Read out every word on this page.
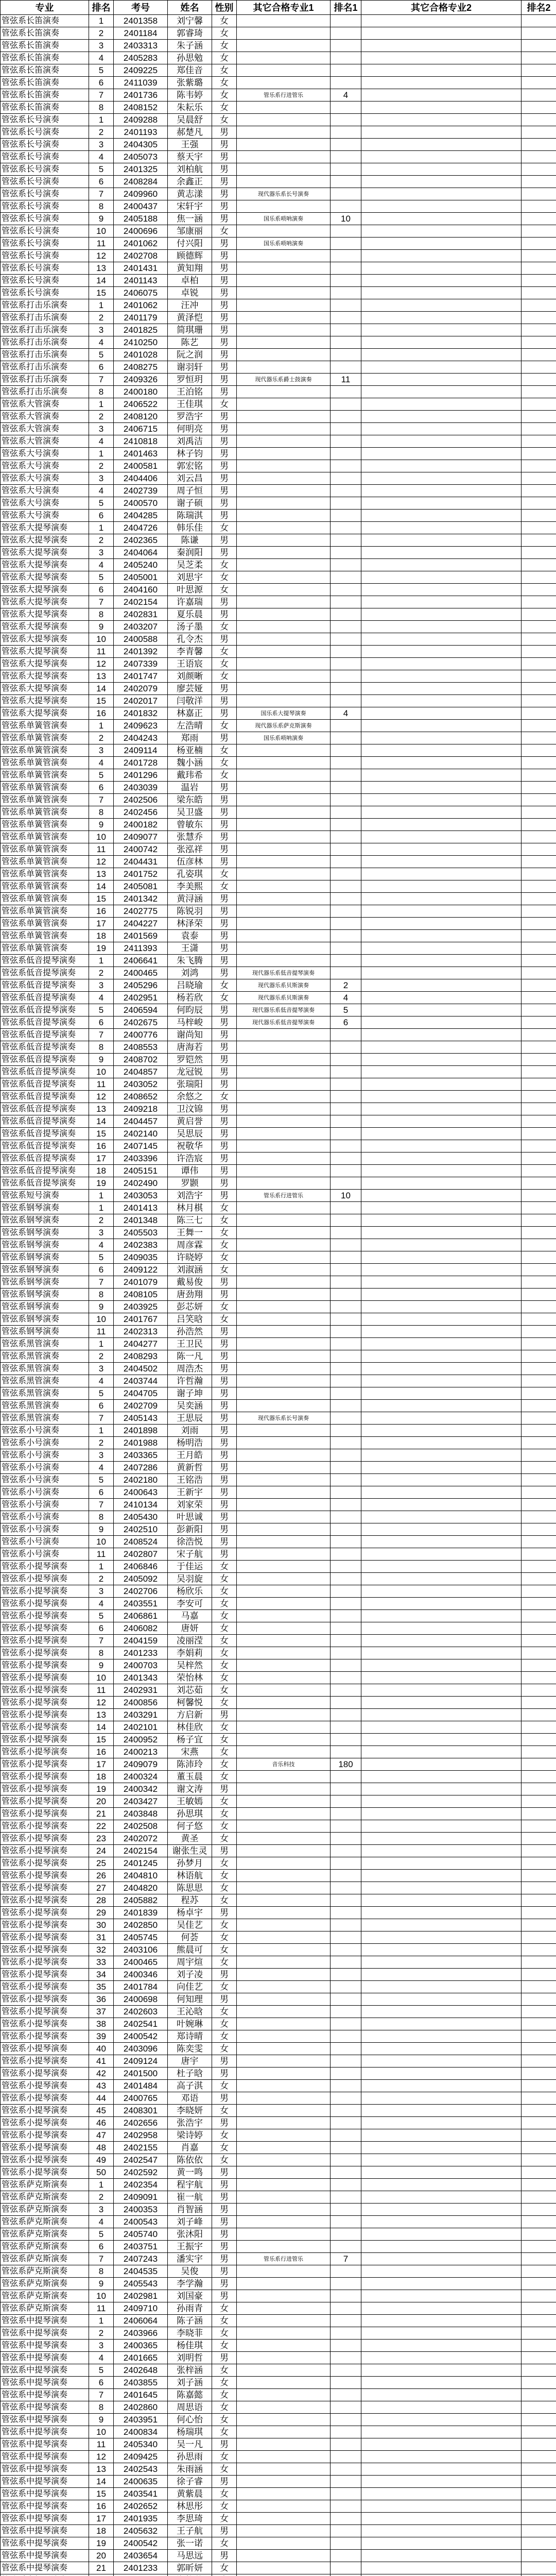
专业	排名	考号	姓名	性别	其它合格专业1	排名1	其它合格专业2	排名2
管弦系长笛演奏	1	2401358	刘宁馨	女				
管弦系长笛演奏	2	2401184	郭睿琦	女				
管弦系长笛演奏	3	2403313	朱子涵	女				
管弦系长笛演奏	4	2405283	孙思勉	女				
管弦系长笛演奏	5	2409225	郑佳音	女				
管弦系长笛演奏	6	2411039	张紫璐	女				
管弦系长笛演奏	7	2401736	陈韦婷	女	管乐系行进管乐	4		
管弦系长笛演奏	8	2408152	朱耘乐	女				
管弦系长号演奏	1	2409288	吴晨舒	女				
管弦系长号演奏	2	2401193	郝楚凡	男				
管弦系长号演奏	3	2404305	王强	男				
管弦系长号演奏	4	2405073	蔡天宇	男				
管弦系长号演奏	5	2401325	刘柏航	男				
管弦系长号演奏	6	2408284	余鑫正	男				
管弦系长号演奏	7	2409960	黄志漾	男	现代器乐系长号演奏			
管弦系长号演奏	8	2400437	宋轩宇	男				
管弦系长号演奏	9	2405188	焦一涵	男	国乐系唢呐演奏	10		
管弦系长号演奏	10	2400696	邹康丽	女				
管弦系长号演奏	11	2401062	付兴阳	男	国乐系唢呐演奏			
管弦系长号演奏	12	2402708	顾德辉	男				
管弦系长号演奏	13	2401431	黄知翔	男				
管弦系长号演奏	14	2401143	卓柏	男				
管弦系长号演奏	15	2406075	卓锐	男				
管弦系打击乐演奏	1	2401062	汪冲	男				
管弦系打击乐演奏	2	2401179	黄泽恺	男				
管弦系打击乐演奏	3	2401825	简琪珊	男				
管弦系打击乐演奏	4	2410250	陈艺	男				
管弦系打击乐演奏	5	2401028	阮之润	男				
管弦系打击乐演奏	6	2408275	谢羽轩	男				
管弦系打击乐演奏	7	2409326	罗恒玥	男	现代器乐系爵士鼓演奏	11		
管弦系打击乐演奏	8	2400180	王泊铭	男				
管弦系大管演奏	1	2406522	王佳琪	女				
管弦系大管演奏	2	2408120	罗浩宇	男				
管弦系大管演奏	3	2406715	何明亮	男				
管弦系大管演奏	4	2410818	刘禹洁	男				
管弦系大号演奏	1	2401463	林子钧	男				
管弦系大号演奏	2	2400581	郭宏铭	男				
管弦系大号演奏	3	2404406	刘云昌	男				
管弦系大号演奏	4	2402739	周子恒	男				
管弦系大号演奏	5	2400570	谢子硕	男				
管弦系大号演奏	6	2404285	陈瑞淇	男				
管弦系大提琴演奏	1	2404726	韩乐佳	女				
管弦系大提琴演奏	2	2402365	陈谦	男				
管弦系大提琴演奏	3	2404064	秦润阳	男				
管弦系大提琴演奏	4	2405240	吴芝柔	女				
管弦系大提琴演奏	5	2405001	刘思宇	女				
管弦系大提琴演奏	6	2404160	叶思源	女				
管弦系大提琴演奏	7	2402154	许嘉瑞	男				
管弦系大提琴演奏	8	2402831	夏乐晨	男				
管弦系大提琴演奏	9	2403207	汤子墨	女				
管弦系大提琴演奏	10	2400588	孔令杰	男				
管弦系大提琴演奏	11	2401392	李青馨	女				
管弦系大提琴演奏	12	2407339	王语宸	女				
管弦系大提琴演奏	13	2401747	刘颜晰	女				
管弦系大提琴演奏	14	2402079	廖芸娅	男				
管弦系大提琴演奏	15	2402017	闫敬洋	男				
管弦系大提琴演奏	16	2401832	林嘉正	男	国乐系大提琴演奏	4		
管弦系单簧管演奏	1	2409623	左浩晴	女	现代器乐系萨克斯演奏			
管弦系单簧管演奏	2	2404243	郑雨	男	国乐系唢呐演奏			
管弦系单簧管演奏	3	2409114	杨亚楠	女				
管弦系单簧管演奏	4	2401728	魏小涵	女				
管弦系单簧管演奏	5	2401296	戴玮希	女				
管弦系单簧管演奏	6	2403039	温岩	男				
管弦系单簧管演奏	7	2402506	梁东皓	男				
管弦系单簧管演奏	8	2402456	吴卫盛	男				
管弦系单簧管演奏	9	2400182	曾敏东	男				
管弦系单簧管演奏	10	2409077	张慧乔	男				
管弦系单簧管演奏	11	2400742	张泓祥	男				
管弦系单簧管演奏	12	2404431	伍彦林	男				
管弦系单簧管演奏	13	2401752	孔姿琪	女				
管弦系单簧管演奏	14	2405081	李美熙	女				
管弦系单簧管演奏	15	2401342	黄浔涵	男				
管弦系单簧管演奏	16	2402775	陈锐羽	男				
管弦系单簧管演奏	17	2404227	林泽荣	男				
管弦系单簧管演奏	18	2401569	袁泰	男				
管弦系单簧管演奏	19	2411393	王潇	男				
管弦系低音提琴演奏	1	2406641	朱飞腾	男				
管弦系低音提琴演奏	2	2400465	刘鸿	男	现代器乐系低音提琴演奏			
管弦系低音提琴演奏	3	2405296	吕晓瑜	女	现代器乐系贝斯演奏	2		
管弦系低音提琴演奏	4	2402951	杨若欣	女	现代器乐系贝斯演奏	4		
管弦系低音提琴演奏	5	2406594	何昀辰	男	现代器乐系低音提琴演奏	5		
管弦系低音提琴演奏	6	2402675	马梓峻	男	现代器乐系低音提琴演奏	6		
管弦系低音提琴演奏	7	2400776	谢尚知	男				
管弦系低音提琴演奏	8	2408553	唐海若	男				
管弦系低音提琴演奏	9	2408702	罗铠然	男				
管弦系低音提琴演奏	10	2404857	龙冠锐	男				
管弦系低音提琴演奏	11	2403052	张瑞阳	男				
管弦系低音提琴演奏	12	2408652	余悠之	女				
管弦系低音提琴演奏	13	2409218	卫汶锦	男				
管弦系低音提琴演奏	14	2404457	黄启誉	男				
管弦系低音提琴演奏	15	2402140	吴思辰	男				
管弦系低音提琴演奏	16	2407145	祝敬华	男				
管弦系低音提琴演奏	17	2403396	许浩宸	男				
管弦系低音提琴演奏	18	2405151	谭伟	男				
管弦系低音提琴演奏	19	2402490	罗颢	男				
管弦系短号演奏	1	2403053	刘浩宇	男	管乐系行进管乐	10		
管弦系钢琴演奏	1	2401413	林月棋	女				
管弦系钢琴演奏	2	2401348	陈三七	女				
管弦系钢琴演奏	3	2405503	王舞一	女				
管弦系钢琴演奏	4	2402383	周彦霖	女				
管弦系钢琴演奏	5	2409035	许晓婷	女				
管弦系钢琴演奏	6	2409122	刘淑涵	女				
管弦系钢琴演奏	7	2401079	戴易俊	男				
管弦系钢琴演奏	8	2408105	唐劲翔	男				
管弦系钢琴演奏	9	2403925	彭芯妍	女				
管弦系钢琴演奏	10	2401767	吕笑晗	女				
管弦系钢琴演奏	11	2402313	孙浩然	男				
管弦系黑管演奏	1	2404277	王卫民	男				
管弦系黑管演奏	2	2408293	陈一凡	男				
管弦系黑管演奏	3	2404502	周浩杰	男				
管弦系黑管演奏	4	2403744	许哲瀚	男				
管弦系黑管演奏	5	2404705	谢子坤	男				
管弦系黑管演奏	6	2402709	吴奕涵	男				
管弦系黑管演奏	7	2405143	王思辰	男	现代器乐系长号演奏			
管弦系小号演奏	1	2401898	刘雨	男				
管弦系小号演奏	2	2401988	杨明浩	男				
管弦系小号演奏	3	2403365	王月皓	男				
管弦系小号演奏	4	2407286	黄新哲	男				
管弦系小号演奏	5	2402180	王铭浩	男				
管弦系小号演奏	6	2400643	王新宇	男				
管弦系小号演奏	7	2410134	刘家荣	男				
管弦系小号演奏	8	2405430	叶思诚	男				
管弦系小号演奏	9	2402510	彭新阳	男				
管弦系小号演奏	10	2408524	徐浩悦	男				
管弦系小号演奏	11	2402807	宋子航	男				
管弦系小提琴演奏	1	2406846	于佳运	女				
管弦系小提琴演奏	2	2405092	吴羽旋	女				
管弦系小提琴演奏	3	2402706	杨欣乐	女				
管弦系小提琴演奏	4	2403551	李安可	女				
管弦系小提琴演奏	5	2406861	马嘉	女				
管弦系小提琴演奏	6	2406082	唐妍	女				
管弦系小提琴演奏	7	2404159	凌丽滢	女				
管弦系小提琴演奏	8	2401233	李娟莉	女				
管弦系小提琴演奏	9	2400703	吴梓然	女				
管弦系小提琴演奏	10	2401343	荣怡林	女				
管弦系小提琴演奏	11	2402931	刘芯茹	女				
管弦系小提琴演奏	12	2400856	柯馨悦	女				
管弦系小提琴演奏	13	2403291	方启新	男				
管弦系小提琴演奏	14	2402101	林佳欣	女				
管弦系小提琴演奏	15	2400952	杨子宜	女				
管弦系小提琴演奏	16	2400213	宋燕	女				
管弦系小提琴演奏	17	2409079	陈沛玲	女	音乐科技	180		
管弦系小提琴演奏	18	2400324	董玉晨	女				
管弦系小提琴演奏	19	2400342	谢文涛	男				
管弦系小提琴演奏	20	2403427	王敏嫣	女				
管弦系小提琴演奏	21	2403848	孙思琪	女				
管弦系小提琴演奏	22	2402508	何子悠	女				
管弦系小提琴演奏	23	2402072	黄圣	女				
管弦系小提琴演奏	24	2402154	谢张生灵	男				
管弦系小提琴演奏	25	2401245	孙梦月	女				
管弦系小提琴演奏	26	2404810	林语航	女				
管弦系小提琴演奏	27	2404820	陈思思	女				
管弦系小提琴演奏	28	2405882	程苏	女				
管弦系小提琴演奏	29	2401839	杨卓宇	男				
管弦系小提琴演奏	30	2402850	吴佳艺	女				
管弦系小提琴演奏	31	2405745	何荟	女				
管弦系小提琴演奏	32	2403106	熊晨可	女				
管弦系小提琴演奏	33	2400465	周宇煊	女				
管弦系小提琴演奏	34	2400346	刘子凌	男				
管弦系小提琴演奏	35	2401784	向佳艺	女				
管弦系小提琴演奏	36	2400698	何知理	男				
管弦系小提琴演奏	37	2402603	王沁晗	女				
管弦系小提琴演奏	38	2402541	叶婉琳	女				
管弦系小提琴演奏	39	2400542	郑诗晴	女				
管弦系小提琴演奏	40	2403096	陈奕雯	女				
管弦系小提琴演奏	41	2409124	唐宇	男				
管弦系小提琴演奏	42	2401500	杜子晗	男				
管弦系小提琴演奏	43	2401484	高子淇	女				
管弦系小提琴演奏	44	2400765	邓语	男				
管弦系小提琴演奏	45	2408301	李晓妍	女				
管弦系小提琴演奏	46	2402656	张浩宇	男				
管弦系小提琴演奏	47	2402958	梁诗婷	女				
管弦系小提琴演奏	48	2402155	肖嘉	女				
管弦系小提琴演奏	49	2402547	陈依依	女				
管弦系小提琴演奏	50	2402592	黄一鸣	男				
管弦系萨克斯演奏	1	2402354	程宇航	男				
管弦系萨克斯演奏	2	2409091	崔一航	男				
管弦系萨克斯演奏	3	2400353	肖智涵	男				
管弦系萨克斯演奏	4	2400543	刘子峰	男				
管弦系萨克斯演奏	5	2405740	张沐阳	男				
管弦系萨克斯演奏	6	2403751	王振宇	男				
管弦系萨克斯演奏	7	2407243	潘实宇	男	管乐系行进管乐	7		
管弦系萨克斯演奏	8	2404535	吴俊	男				
管弦系萨克斯演奏	9	2405543	李学瀚	男				
管弦系萨克斯演奏	10	2402981	刘国豪	男				
管弦系萨克斯演奏	11	2409710	孙雨青	女				
管弦系中提琴演奏	1	2406064	陈子涵	女				
管弦系中提琴演奏	2	2403966	李晓菲	女				
管弦系中提琴演奏	3	2400365	杨佳琪	女				
管弦系中提琴演奏	4	2401665	刘明哲	男				
管弦系中提琴演奏	5	2402648	张梓涵	女				
管弦系中提琴演奏	6	2403855	刘子涵	女				
管弦系中提琴演奏	7	2401645	陈嘉懿	女				
管弦系中提琴演奏	8	2402860	周思语	女				
管弦系中提琴演奏	9	2403951	何心怡	女				
管弦系中提琴演奏	10	2400834	杨瑞琪	女				
管弦系中提琴演奏	11	2405340	吴一凡	男				
管弦系中提琴演奏	12	2409425	孙思雨	女				
管弦系中提琴演奏	13	2402543	朱雨涵	女				
管弦系中提琴演奏	14	2400635	徐子睿	男				
管弦系中提琴演奏	15	2403541	黄紫晨	女				
管弦系中提琴演奏	16	2402652	林思彤	女				
管弦系中提琴演奏	17	2401935	李思琦	女				
管弦系中提琴演奏	18	2405632	王子航	男				
管弦系中提琴演奏	19	2400542	张一诺	女				
管弦系中提琴演奏	20	2403654	马思远	男				
管弦系中提琴演奏	21	2401233	郭昕妍	女				
